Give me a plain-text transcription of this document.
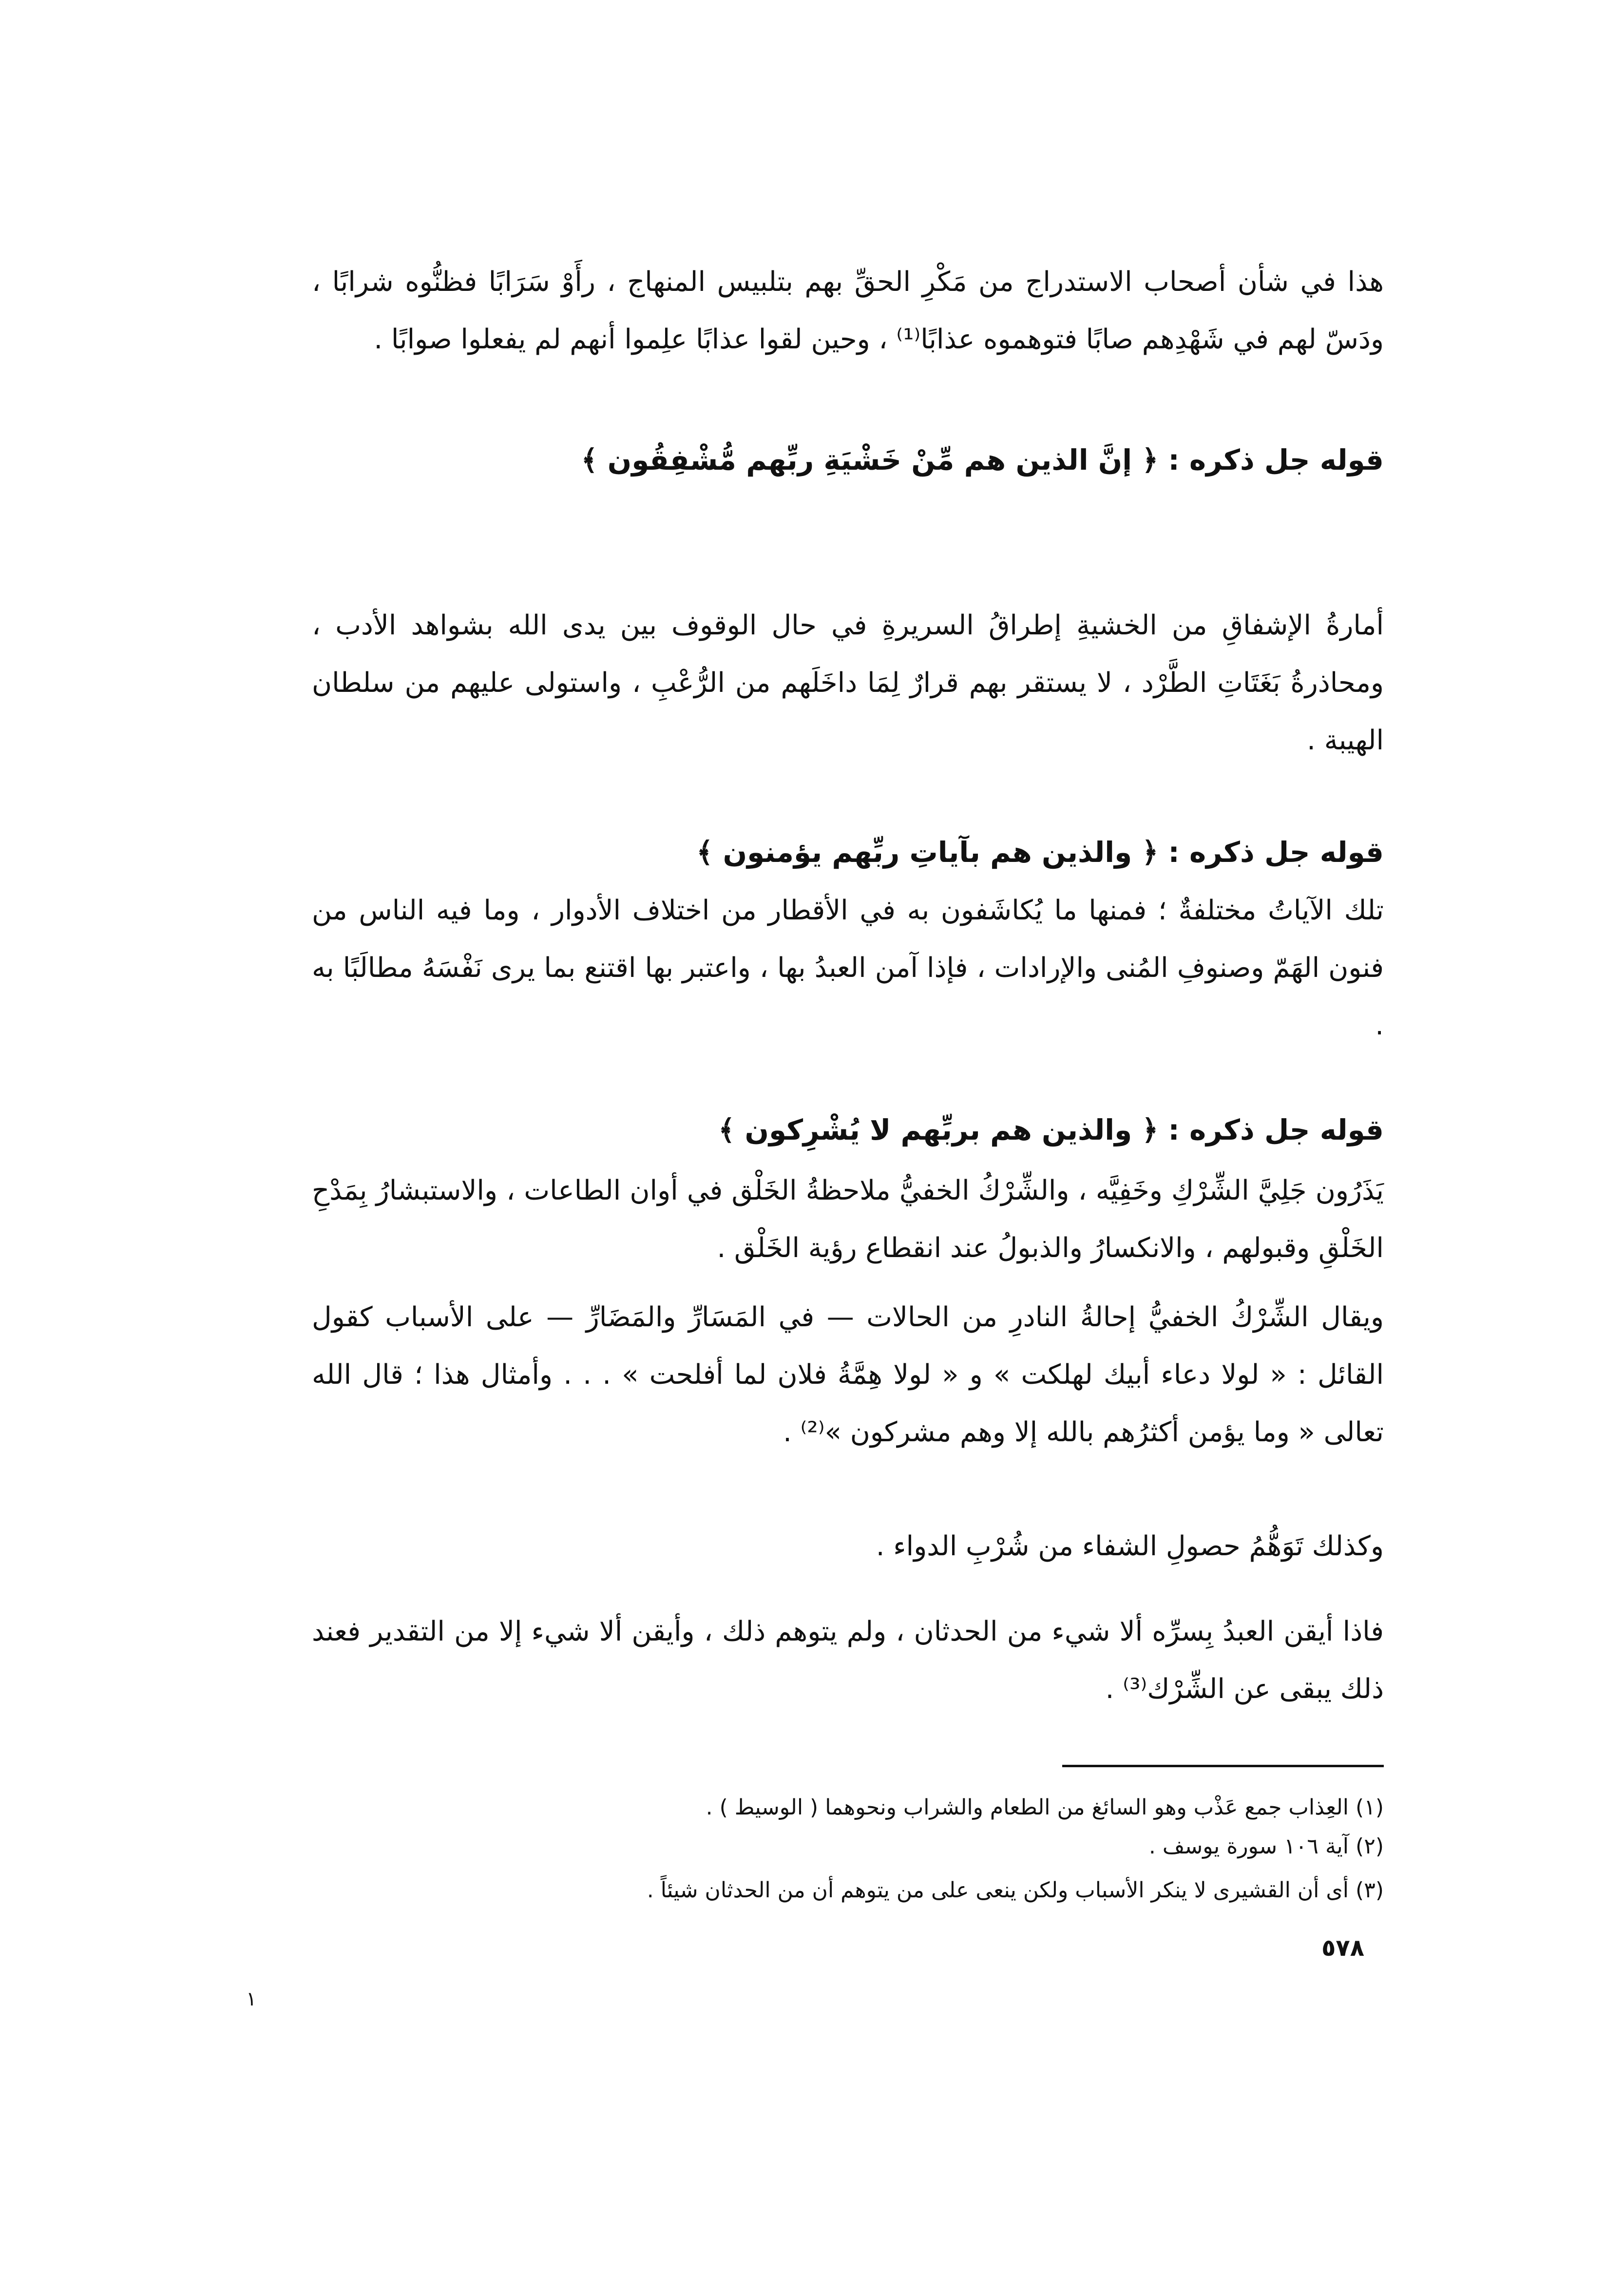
هذا في شأن أصحاب الاستدراج من مَكْرِ الحقِّ بهم بتلبيس المنهاج ، رأَوْ سَرَابًا فظنُّوه شرابًا ، ودَسّ لهم في شَهْدِهم صابًا فتوهموه عذابًا⁽¹⁾ ، وحين لقوا عذابًا علِموا أنهم لم يفعلوا صوابًا .

قوله جل ذكره : ﴿ إنَّ الذين هم مِّنْ خَشْيَةِ ربِّهم مُّشْفِقُون ﴾

أمارةُ الإشفاقِ من الخشيةِ إطراقُ السريرةِ في حال الوقوف بين يدى الله بشواهد الأدب ، ومحاذرةُ بَغَتَاتِ الطَّرْد ، لا يستقر بهم قرارٌ لِمَا داخَلَهم من الرُّعْبِ ، واستولى عليهم من سلطان الهيبة .

قوله جل ذكره : ﴿ والذين هم بآياتِ ربِّهم يؤمنون ﴾

تلك الآياتُ مختلفةٌ ؛ فمنها ما يُكاشَفون به في الأقطار من اختلاف الأدوار ، وما فيه الناس من فنون الهَمّ وصنوفِ المُنى والإرادات ، فإذا آمن العبدُ بها ، واعتبر بها اقتنع بما يرى نَفْسَهُ مطالَبًا به .

قوله جل ذكره : ﴿ والذين هم بربِّهم لا يُشْرِكون ﴾

يَذَرُون جَلِيَّ الشِّرْكِ وخَفِيَّه ، والشِّرْكُ الخفيُّ ملاحظةُ الخَلْق في أوان الطاعات ، والاستبشارُ بِمَدْحِ الخَلْقِ وقبولهم ، والانكسارُ والذبولُ عند انقطاع رؤية الخَلْق .

ويقال الشِّرْكُ الخفيُّ إحالةُ النادرِ من الحالات — في المَسَارِّ والمَضَارِّ — على الأسباب كقول القائل : « لولا دعاء أبيك لهلكت » و « لولا هِمَّةُ فلان لما أفلحت » . . . وأمثال هذا ؛ قال الله تعالى « وما يؤمن أكثرُهم بالله إلا وهم مشركون »⁽²⁾ .

وكذلك تَوَهُّمُ حصولِ الشفاء من شُرْبِ الدواء .

فاذا أيقن العبدُ بِسرِّه ألا شيء من الحدثان ، ولم يتوهم ذلك ، وأيقن ألا شيء إلا من التقدير فعند ذلك يبقى عن الشِّرْك⁽³⁾ .

(١) العِذاب جمع عَذْب وهو السائغ من الطعام والشراب ونحوهما ( الوسيط ) .

(٢) آية ١٠٦ سورة يوسف .

(٣) أى أن القشيرى لا ينكر الأسباب ولكن ينعى على من يتوهم أن من الحدثان شيئاً .

٥٧٨

١
